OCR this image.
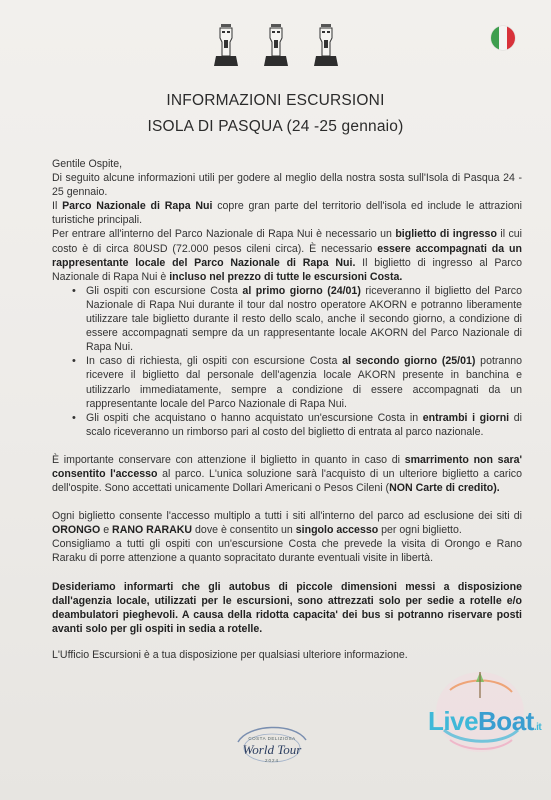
INFORMAZIONI ESCURSIONI
ISOLA DI PASQUA (24 -25 gennaio)

Gentile Ospite,

Di seguito alcune informazioni utili per godere al meglio della nostra sosta sull'Isola di Pasqua 24 - 25 gennaio.

Il Parco Nazionale di Rapa Nui copre gran parte del territorio dell'isola ed include le attrazioni turistiche principali.

Per entrare all'interno del Parco Nazionale di Rapa Nui è necessario un biglietto di ingresso il cui costo è di circa 80USD (72.000 pesos cileni circa). È necessario essere accompagnati da un rappresentante locale del Parco Nazionale di Rapa Nui. Il biglietto di ingresso al Parco Nazionale di Rapa Nui è incluso nel prezzo di tutte le escursioni Costa.

• Gli ospiti con escursione Costa al primo giorno (24/01) riceveranno il biglietto del Parco Nazionale di Rapa Nui durante il tour dal nostro operatore AKORN e potranno liberamente utilizzare tale biglietto durante il resto dello scalo, anche il secondo giorno, a condizione di essere accompagnati sempre da un rappresentante locale AKORN del Parco Nazionale di Rapa Nui.
• In caso di richiesta, gli ospiti con escursione Costa al secondo giorno (25/01) potranno ricevere il biglietto dal personale dell'agenzia locale AKORN presente in banchina e utilizzarlo immediatamente, sempre a condizione di essere accompagnati da un rappresentante locale del Parco Nazionale di Rapa Nui.
• Gli ospiti che acquistano o hanno acquistato un'escursione Costa in entrambi i giorni di scalo riceveranno un rimborso pari al costo del biglietto di entrata al parco nazionale.

È importante conservare con attenzione il biglietto in quanto in caso di smarrimento non sara' consentito l'accesso al parco. L'unica soluzione sarà l'acquisto di un ulteriore biglietto a carico dell'ospite. Sono accettati unicamente Dollari Americani o Pesos Cileni (NON Carte di credito).

Ogni biglietto consente l'accesso multiplo a tutti i siti all'interno del parco ad esclusione dei siti di ORONGO e RANO RARAKU dove è consentito un singolo accesso per ogni biglietto.

Consigliamo a tutti gli ospiti con un'escursione Costa che prevede la visita di Orongo e Rano Raraku di porre attenzione a quanto sopracitato durante eventuali visite in libertà.

Desideriamo informarti che gli autobus di piccole dimensioni messi a disposizione dall'agenzia locale, utilizzati per le escursioni, sono attrezzati solo per sedie a rotelle e/o deambulatori pieghevoli. A causa della ridotta capacita' dei bus si potranno riservare posti avanti solo per gli ospiti in sedia a rotelle.

L'Ufficio Escursioni è a tua disposizione per qualsiasi ulteriore informazione.

COSTA DELIZIOSA
World Tour
2024
LiveBoat.it
